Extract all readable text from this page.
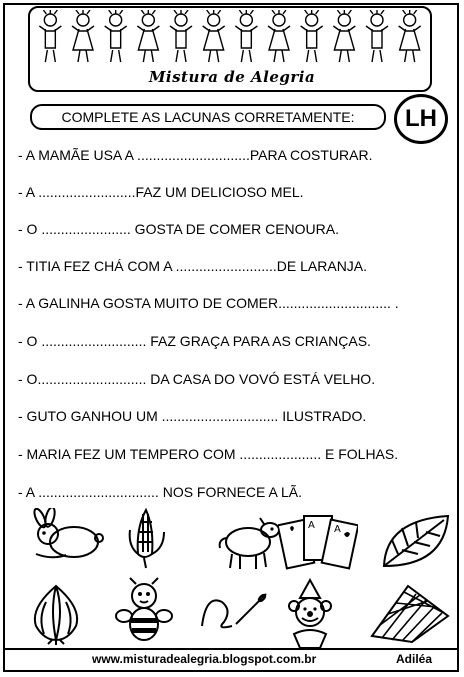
Mistura de Alegria
COMPLETE AS LACUNAS CORRETAMENTE:	LH
- A MAMÃE USA A .............................PARA COSTURAR.
- A .........................FAZ UM DELICIOSO MEL.
- O ....................... GOSTA DE COMER CENOURA.
- TITIA FEZ CHÁ COM A ..........................DE LARANJA.
- A GALINHA GOSTA MUITO DE COMER............................. .
- O ........................... FAZ GRAÇA PARA AS CRIANÇAS.
- O............................ DA CASA DO VOVÓ ESTÁ VELHO.
- GUTO GANHOU UM .............................. ILUSTRADO.
- MARIA FEZ UM TEMPERO COM ..................... E FOLHAS.
- A ............................... NOS FORNECE A LÃ.
A A
www.misturadealegria.blogspot.com.br	Adiléa
